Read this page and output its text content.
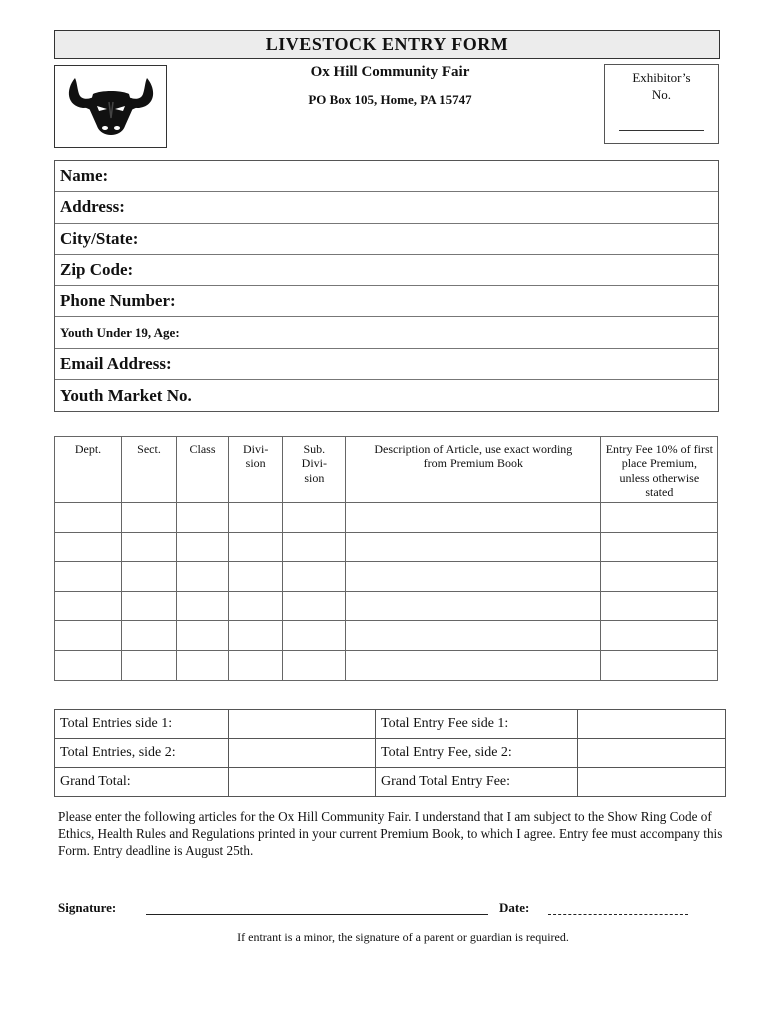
LIVESTOCK ENTRY FORM
Ox Hill Community Fair
PO Box 105, Home, PA 15747
Exhibitor’s No.
Name:
Address:
City/State:
Zip Code:
Phone Number:
Youth Under 19, Age:
Email Address:
Youth Market No.
Dept.	Sect.	Class	Divi-sion	Sub. Divi-sion	Description of Article, use exact wording from Premium Book	Entry Fee 10% of first place Premium, unless otherwise stated

Total Entries side 1:		Total Entry Fee side 1:	
Total Entries, side 2:		Total Entry Fee, side 2:	
Grand Total:		Grand Total Entry Fee:	
Please enter the following articles for the Ox Hill Community Fair. I understand that I am subject to the Show Ring Code of Ethics, Health Rules and Regulations printed in your current Premium Book, to which I agree. Entry fee must accompany this Form. Entry deadline is August 25th.
Signature:	Date:
If entrant is a minor, the signature of a parent or guardian is required.
